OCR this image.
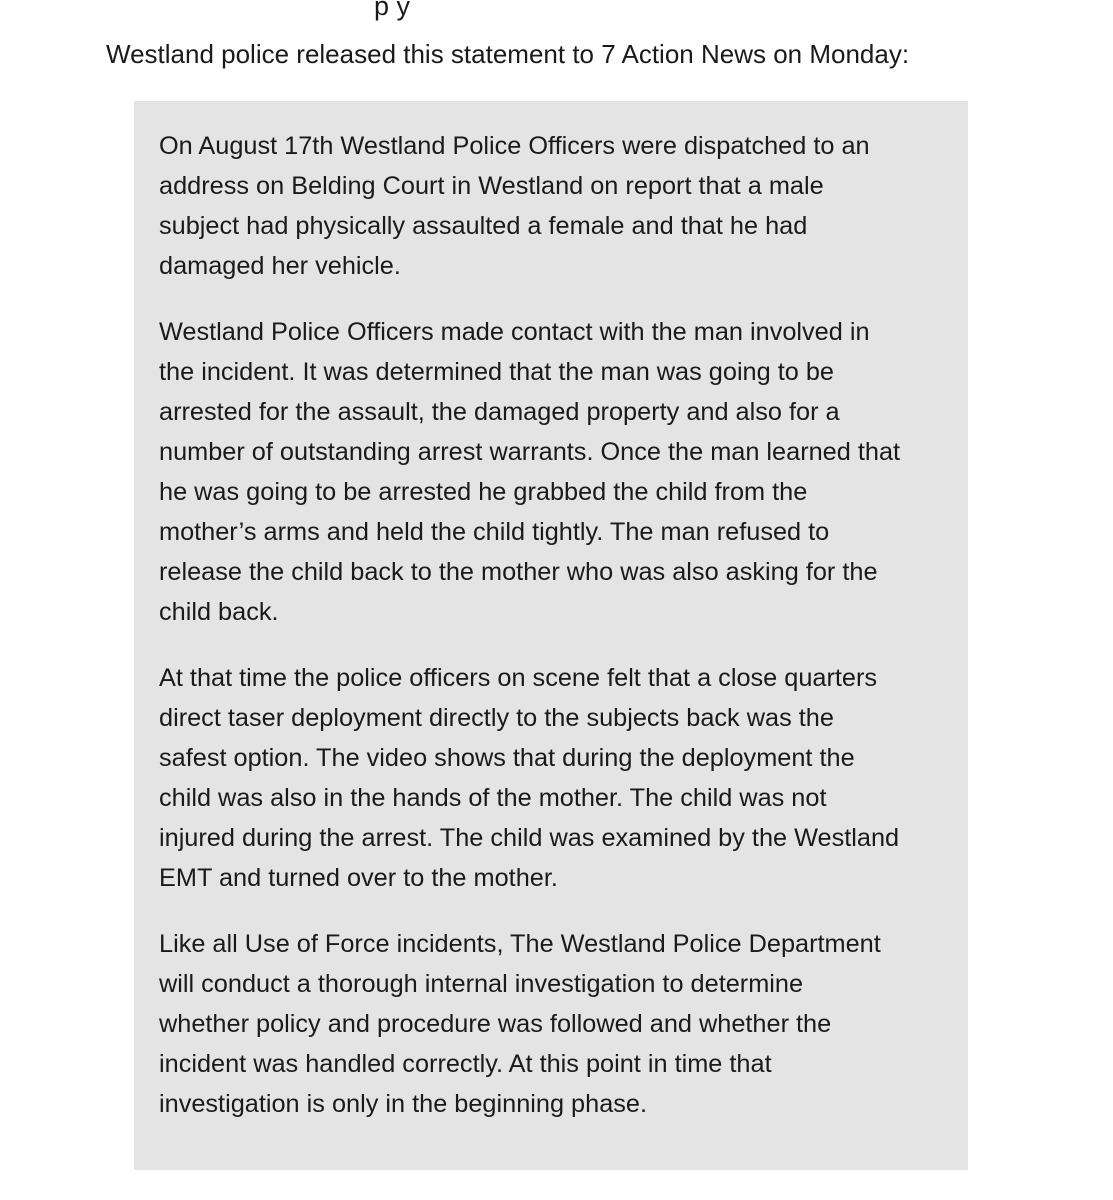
p y

Westland police released this statement to 7 Action News on Monday:

On August 17th Westland Police Officers were dispatched to an
address on Belding Court in Westland on report that a male
subject had physically assaulted a female and that he had
damaged her vehicle.

Westland Police Officers made contact with the man involved in
the incident. It was determined that the man was going to be
arrested for the assault, the damaged property and also for a
number of outstanding arrest warrants. Once the man learned that
he was going to be arrested he grabbed the child from the
mother’s arms and held the child tightly. The man refused to
release the child back to the mother who was also asking for the
child back.

At that time the police officers on scene felt that a close quarters
direct taser deployment directly to the subjects back was the
safest option. The video shows that during the deployment the
child was also in the hands of the mother. The child was not
injured during the arrest. The child was examined by the Westland
EMT and turned over to the mother.

Like all Use of Force incidents, The Westland Police Department
will conduct a thorough internal investigation to determine
whether policy and procedure was followed and whether the
incident was handled correctly. At this point in time that
investigation is only in the beginning phase.
